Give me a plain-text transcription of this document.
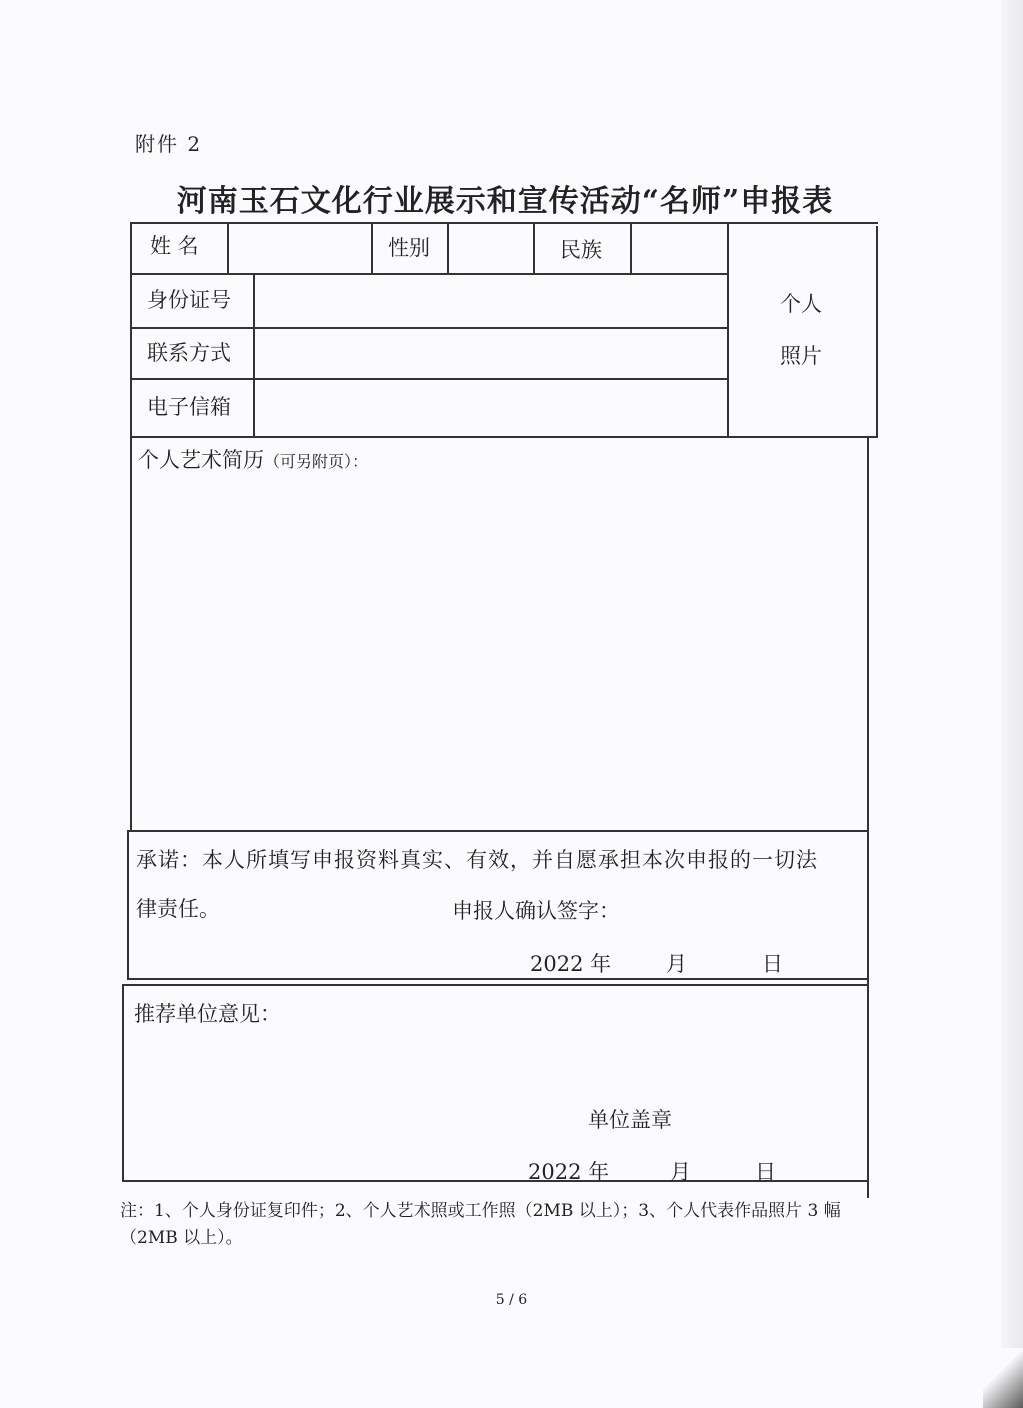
附件 2
河南玉石文化行业展示和宣传活动“名师”申报表
姓 名	性别	民族
身份证号
联系方式
电子信箱
个人
照片
个人艺术简历（可另附页）：
承诺：本人所填写申报资料真实、有效，并自愿承担本次申报的一切法
律责任。	申报人确认签字：
2022 年	月	日
推荐单位意见：
单位盖章
2022 年	月	日
注：1、个人身份证复印件；2、个人艺术照或工作照（2MB 以上）；3、个人代表作品照片 3 幅（2MB 以上）。
5 / 6
